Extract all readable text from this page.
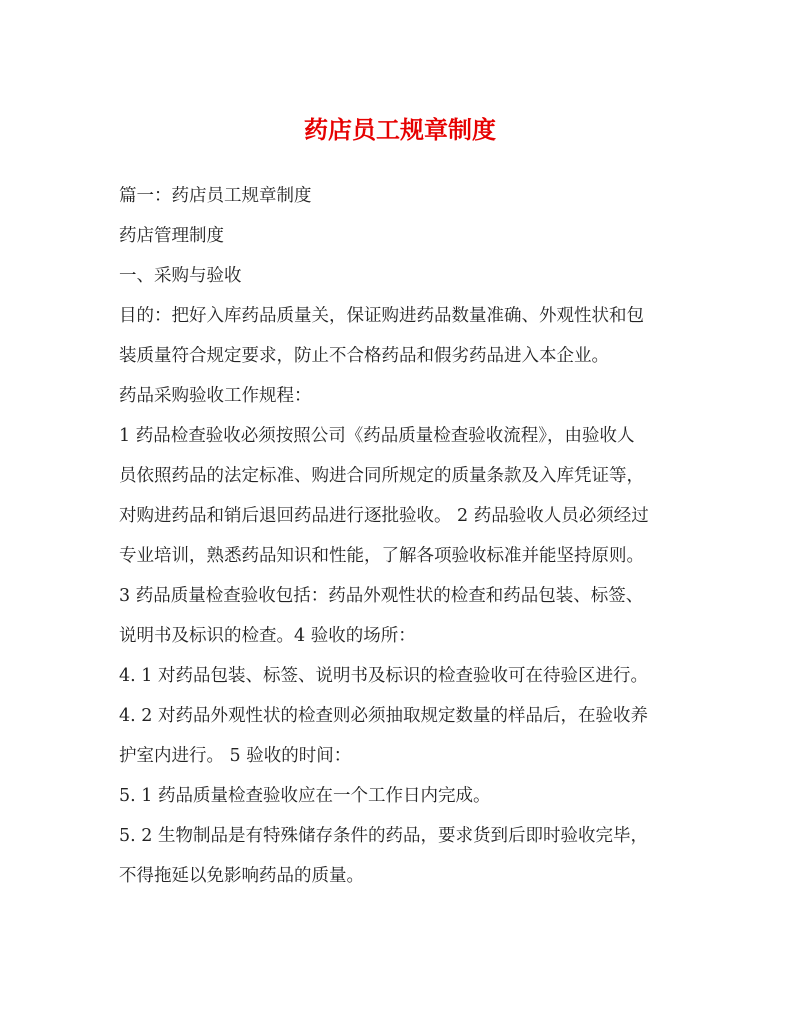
药店员工规章制度

篇一：药店员工规章制度

药店管理制度

一、采购与验收

目的：把好入库药品质量关，保证购进药品数量准确、外观性状和包

装质量符合规定要求，防止不合格药品和假劣药品进入本企业。

药品采购验收工作规程：

1 药品检查验收必须按照公司《药品质量检查验收流程》，由验收人

员依照药品的法定标准、购进合同所规定的质量条款及入库凭证等，

对购进药品和销后退回药品进行逐批验收。 2 药品验收人员必须经过

专业培训，熟悉药品知识和性能，了解各项验收标准并能坚持原则。

3 药品质量检查验收包括：药品外观性状的检查和药品包装、标签、

说明书及标识的检查。4 验收的场所：

4. 1 对药品包装、标签、说明书及标识的检查验收可在待验区进行。

4. 2 对药品外观性状的检查则必须抽取规定数量的样品后，在验收养

护室内进行。 5 验收的时间：

5. 1 药品质量检查验收应在一个工作日内完成。

5. 2 生物制品是有特殊储存条件的药品，要求货到后即时验收完毕，

不得拖延以免影响药品的质量。
